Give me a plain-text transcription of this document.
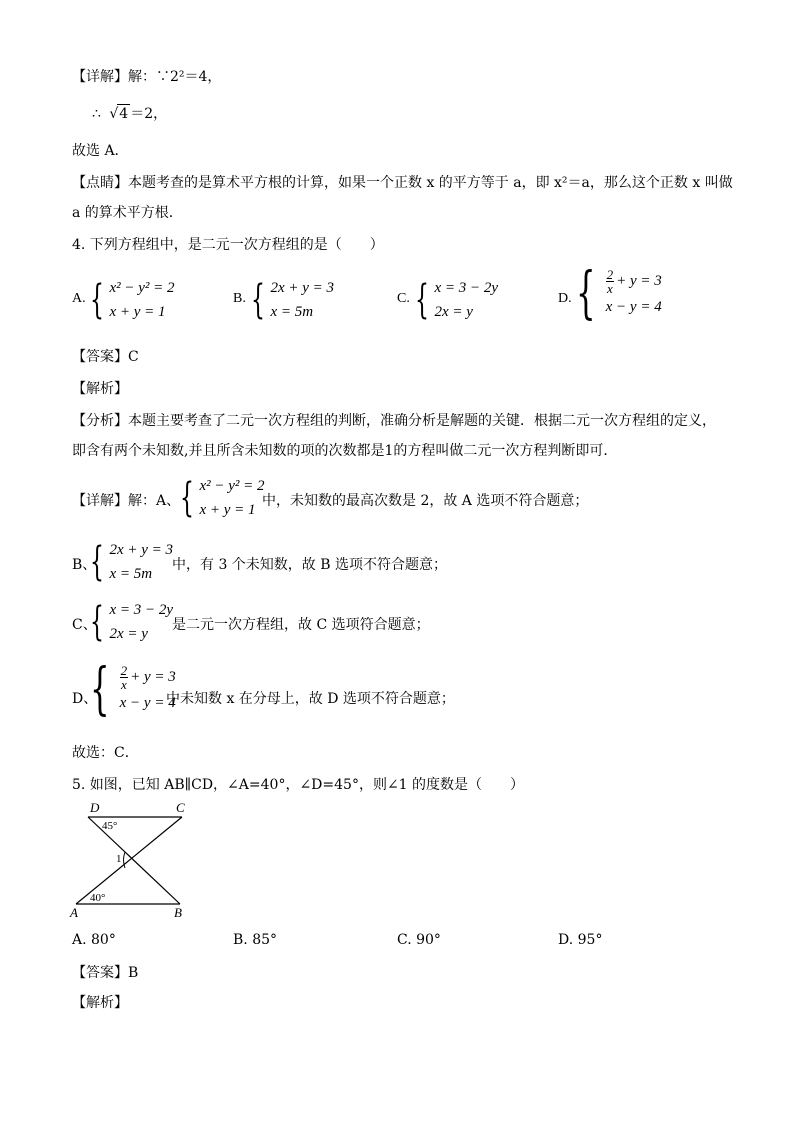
【详解】解：∵2²＝4，
∴ √4 ＝2，
故选 A．
【点睛】本题考查的是算术平方根的计算，如果一个正数 x 的平方等于 a，即 x²＝a，那么这个正数 x 叫做
a 的算术平方根．
4. 下列方程组中，是二元一次方程组的是（　　）
A. { x² − y² = 2
x + y = 1
B. { 2x + y = 3
x = 5m
C. { x = 3 − 2y
2x = y
D. { $\frac{2}{x} + y = 3$
x − y = 4
【答案】C
【解析】
【分析】本题主要考查了二元一次方程组的判断，准确分析是解题的关键．根据二元一次方程组的定义，
即含有两个未知数,并且所含未知数的项的次数都是1的方程叫做二元一次方程判断即可．
【详解】解：A、 { x² − y² = 2
x + y = 1
中，未知数的最高次数是 2，故 A 选项不符合题意；
B、
{ 2x + y = 3
x = 5m
中，有 3 个未知数，故 B 选项不符合题意；
C、
{ x = 3 − 2y
2x = y
是二元一次方程组，故 C 选项符合题意；
D、
{ $\frac{2}{x} + y = 3$
x − y = 4
中未知数 x 在分母上，故 D 选项不符合题意；
故选：C．
5. 如图，已知 AB∥CD，∠A=40°，∠D=45°，则∠1 的度数是（　　）
D	C
A	B
45°
40°
1
A. 80°	B. 85°	C. 90°	D. 95°
【答案】B
【解析】
